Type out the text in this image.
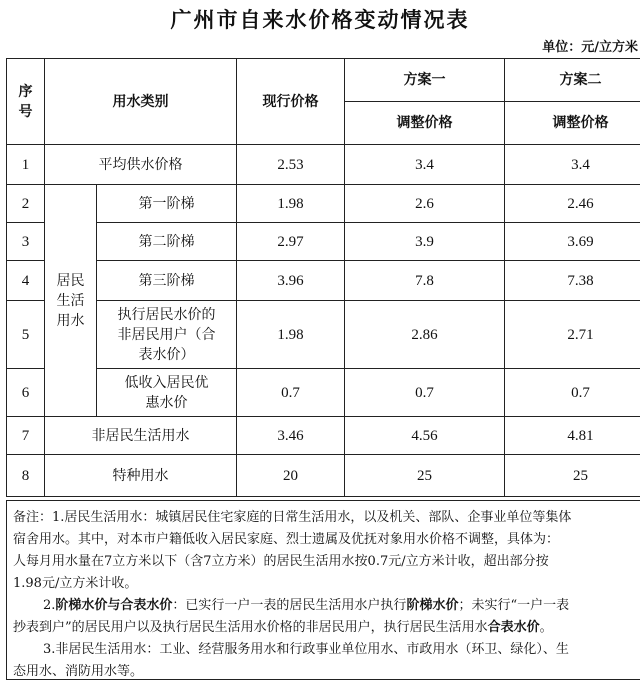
广州市自来水价格变动情况表
单位：元/立方米
序
号	用水类别		现行价格	方案一	方案二
				调整价格	调整价格
1	平均供水价格		2.53	3.4	3.4
2	居民生活用水	第一阶梯	1.98	2.6	2.46
3		第二阶梯	2.97	3.9	3.69
4		第三阶梯	3.96	7.8	7.38
5		执行居民水价的非居民用户（合表水价）	1.98	2.86	2.71
6		低收入居民优惠水价	0.7	0.7	0.7
7	非居民生活用水		3.46	4.56	4.81
8	特种用水		20	25	25
备注：1.居民生活用水：城镇居民住宅家庭的日常生活用水，以及机关、部队、企事业单位等集体
宿舍用水。其中，对本市户籍低收入居民家庭、烈士遗属及优抚对象用水价格不调整，具体为：
人每月用水量在7立方米以下（含7立方米）的居民生活用水按0.7元/立方米计收，超出部分按
1.98元/立方米计收。
2.阶梯水价与合表水价：已实行一户一表的居民生活用水户执行阶梯水价；未实行“一户一表
抄表到户”的居民用户以及执行居民生活用水价格的非居民用户，执行居民生活用水合表水价。
3.非居民生活用水：工业、经营服务用水和行政事业单位用水、市政用水（环卫、绿化）、生
态用水、消防用水等。
